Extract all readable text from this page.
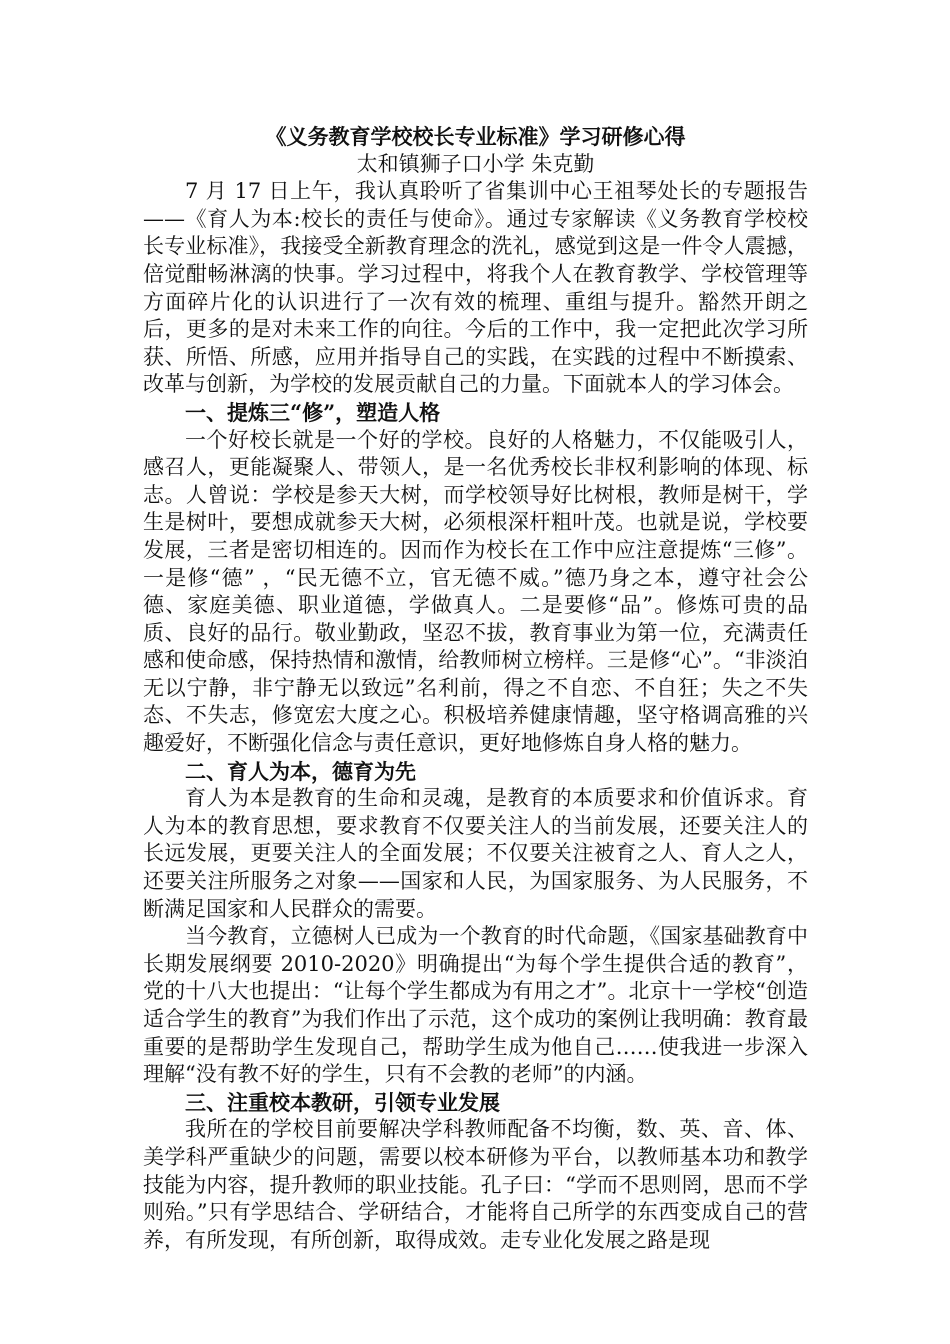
《义务教育学校校长专业标准》学习研修心得

太和镇狮子口小学 朱克勤

7 月 17 日上午，我认真聆听了省集训中心王祖琴处长的专题报告——《育人为本:校长的责任与使命》。通过专家解读《义务教育学校校长专业标准》，我接受全新教育理念的洗礼，感觉到这是一件令人震撼，倍觉酣畅淋漓的快事。学习过程中，将我个人在教育教学、学校管理等方面碎片化的认识进行了一次有效的梳理、重组与提升。豁然开朗之后，更多的是对未来工作的向往。今后的工作中，我一定把此次学习所获、所悟、所感，应用并指导自己的实践，在实践的过程中不断摸索、改革与创新，为学校的发展贡献自己的力量。下面就本人的学习体会。

一、提炼三“修”，塑造人格

一个好校长就是一个好的学校。良好的人格魅力，不仅能吸引人，感召人，更能凝聚人、带领人，是一名优秀校长非权利影响的体现、标志。人曾说：学校是参天大树，而学校领导好比树根，教师是树干，学生是树叶，要想成就参天大树，必须根深杆粗叶茂。也就是说，学校要发展，三者是密切相连的。因而作为校长在工作中应注意提炼“三修”。一是修“德” ，“民无德不立，官无德不威。”德乃身之本，遵守社会公德、家庭美德、职业道德，学做真人。二是要修“品”。修炼可贵的品质、良好的品行。敬业勤政，坚忍不拔，教育事业为第一位，充满责任感和使命感，保持热情和激情，给教师树立榜样。三是修“心”。“非淡泊无以宁静，非宁静无以致远”名利前，得之不自恋、不自狂；失之不失态、不失志，修宽宏大度之心。积极培养健康情趣，坚守格调高雅的兴趣爱好，不断强化信念与责任意识，更好地修炼自身人格的魅力。

二、育人为本，德育为先

育人为本是教育的生命和灵魂，是教育的本质要求和价值诉求。育人为本的教育思想，要求教育不仅要关注人的当前发展，还要关注人的长远发展，更要关注人的全面发展；不仅要关注被育之人、育人之人，还要关注所服务之对象——国家和人民，为国家服务、为人民服务，不断满足国家和人民群众的需要。

当今教育，立德树人已成为一个教育的时代命题，《国家基础教育中长期发展纲要 2010-2020》明确提出“为每个学生提供合适的教育”，党的十八大也提出：“让每个学生都成为有用之才”。北京十一学校“创造适合学生的教育”为我们作出了示范，这个成功的案例让我明确：教育最重要的是帮助学生发现自己，帮助学生成为他自己……使我进一步深入理解“没有教不好的学生，只有不会教的老师”的内涵。

三、注重校本教研，引领专业发展

我所在的学校目前要解决学科教师配备不均衡，数、英、音、体、美学科严重缺少的问题，需要以校本研修为平台，以教师基本功和教学技能为内容，提升教师的职业技能。孔子曰：“学而不思则罔，思而不学则殆。”只有学思结合、学研结合，才能将自己所学的东西变成自己的营养，有所发现，有所创新，取得成效。走专业化发展之路是现
